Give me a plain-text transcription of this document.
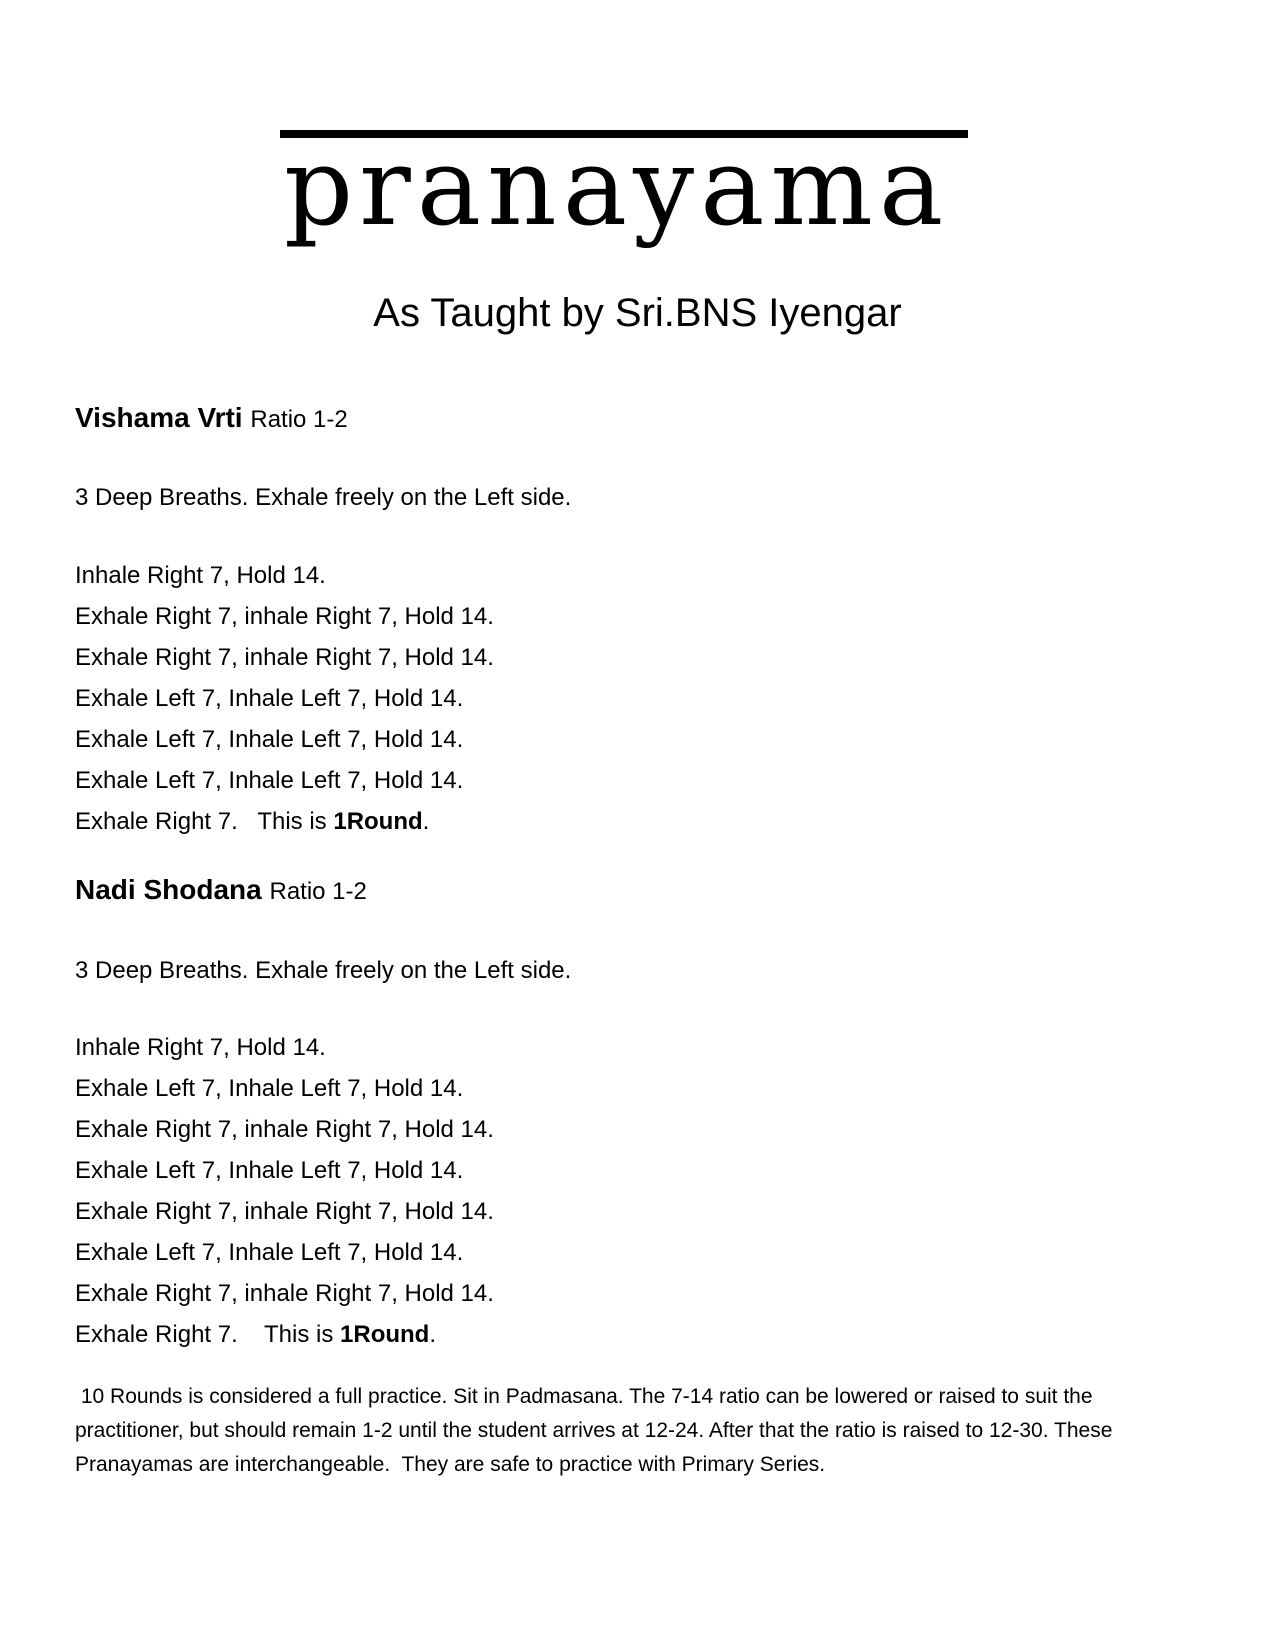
pranayama
As Taught by Sri.BNS Iyengar
Vishama Vrti Ratio 1-2
3 Deep Breaths. Exhale freely on the Left side.
Inhale Right 7, Hold 14.
Exhale Right 7, inhale Right 7, Hold 14.
Exhale Right 7, inhale Right 7, Hold 14.
Exhale Left 7, Inhale Left 7, Hold 14.
Exhale Left 7, Inhale Left 7, Hold 14.
Exhale Left 7, Inhale Left 7, Hold 14.
Exhale Right 7.   This is 1Round.
Nadi Shodana Ratio 1-2
3 Deep Breaths. Exhale freely on the Left side.
Inhale Right 7, Hold 14.
Exhale Left 7, Inhale Left 7, Hold 14.
Exhale Right 7, inhale Right 7, Hold 14.
Exhale Left 7, Inhale Left 7, Hold 14.
Exhale Right 7, inhale Right 7, Hold 14.
Exhale Left 7, Inhale Left 7, Hold 14.
Exhale Right 7, inhale Right 7, Hold 14.
Exhale Right 7.    This is 1Round.
10 Rounds is considered a full practice. Sit in Padmasana. The 7-14 ratio can be lowered or raised to suit the practitioner, but should remain 1-2 until the student arrives at 12-24. After that the ratio is raised to 12-30. These Pranayamas are interchangeable.  They are safe to practice with Primary Series.
